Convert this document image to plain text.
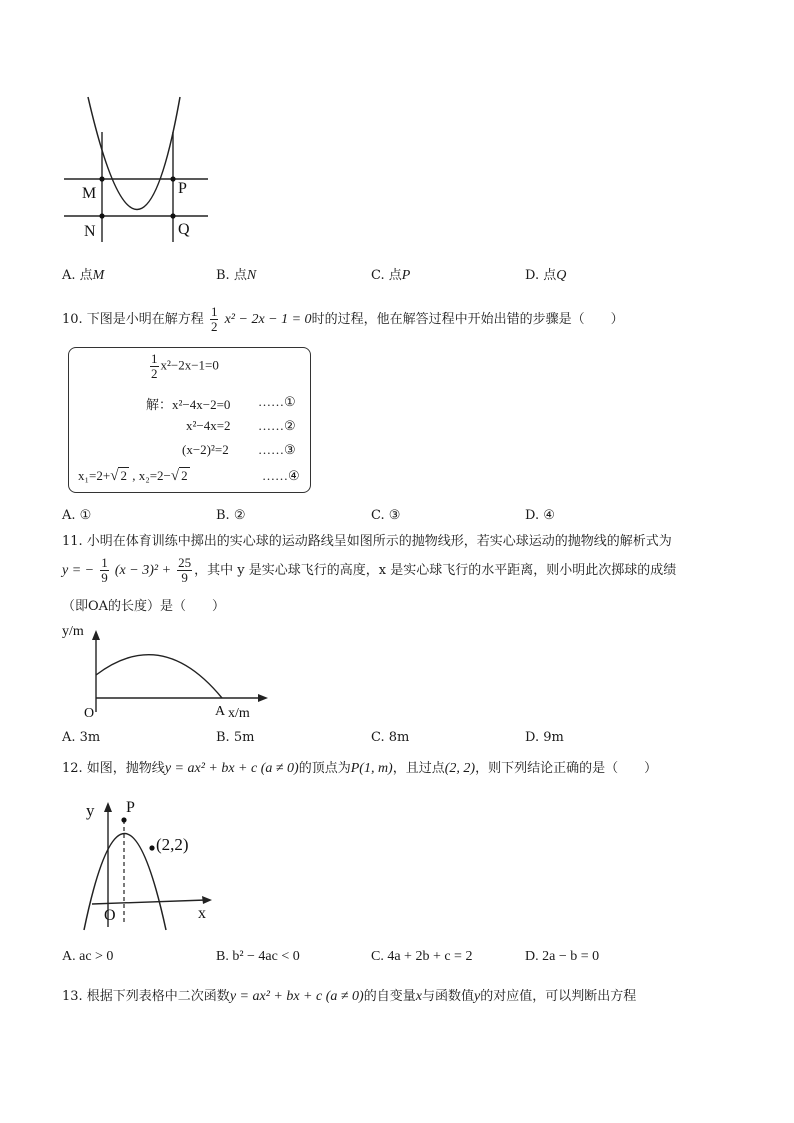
M	P
N	Q
A. 点M	B. 点N	C. 点P	D. 点Q
10. 下图是小明在解方程 $\frac{1}{2} x^2 - 2x - 1 = 0$时的过程，他在解答过程中开始出错的步骤是（　　）
$\frac{1}{2} x^2-2x-1=0$
解：x²−4x−2=0 ……①
x²−4x=2 ……②
(x−2)²=2 ……③
x₁=2+√ 2 , x₂=2−√ 2	……④
A. ①	B. ②	C. ③	D. ④
11. 小明在体育训练中掷出的实心球的运动路线呈如图所示的抛物线形，若实心球运动的抛物线的解析式为
y = − $\frac{1}{9} (x - 3)^2 + \frac{25}{9}$ ，其中 y 是实心球飞行的高度，x 是实心球飞行的水平距离，则小明此次掷球的成绩
（即OA的长度）是（　　）
y/m
O	A x/m
A. 3m	B. 5m	C. 8m	D. 9m
12. 如图，抛物线y = ax² + bx + c (a ≠ 0)的顶点为P(1, m)，且过点(2, 2)，则下列结论正确的是（　　）
y P
(2,2)
O	x
A. ac > 0	B. b² − 4ac < 0	C. 4a + 2b + c = 2	D. 2a − b = 0
13. 根据下列表格中二次函数y = ax² + bx + c (a ≠ 0)的自变量x与函数值y的对应值，可以判断出方程
